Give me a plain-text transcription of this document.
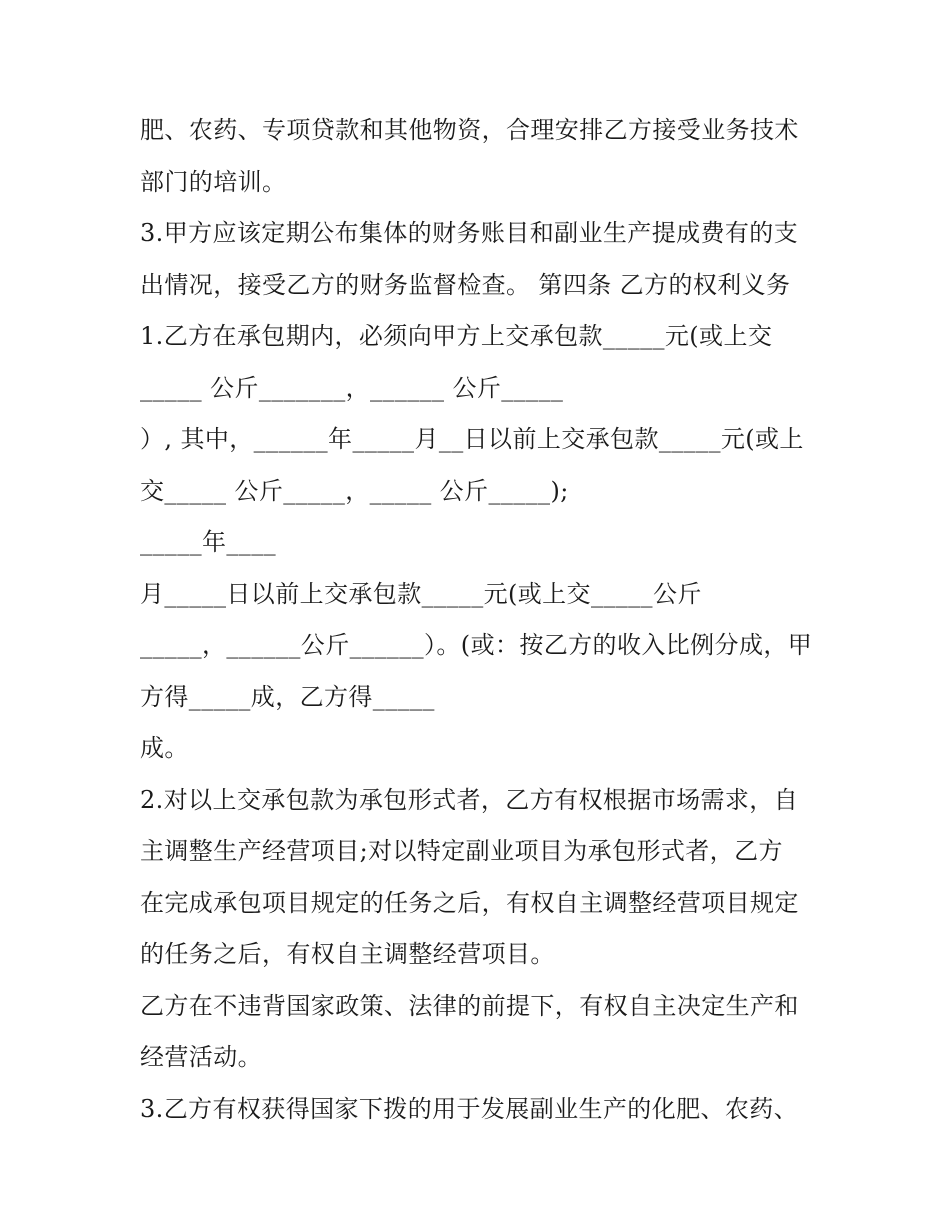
肥、农药、专项贷款和其他物资，合理安排乙方接受业务技术
部门的培训。
3.甲方应该定期公布集体的财务账目和副业生产提成费有的支
出情况，接受乙方的财务监督检查。 第四条 乙方的权利义务
1.乙方在承包期内，必须向甲方上交承包款_____元(或上交
_____ 公斤_______，______ 公斤_____
）, 其中，______年_____月__日以前上交承包款_____元(或上
交_____ 公斤_____，_____ 公斤_____);
_____年____
月_____日以前上交承包款_____元(或上交_____公斤
_____，______公斤______）。(或：按乙方的收入比例分成，甲
方得_____成，乙方得_____
成。
2.对以上交承包款为承包形式者，乙方有权根据市场需求，自
主调整生产经营项目;对以特定副业项目为承包形式者，乙方
在完成承包项目规定的任务之后，有权自主调整经营项目规定
的任务之后，有权自主调整经营项目。
乙方在不违背国家政策、法律的前提下，有权自主决定生产和
经营活动。
3.乙方有权获得国家下拨的用于发展副业生产的化肥、农药、
